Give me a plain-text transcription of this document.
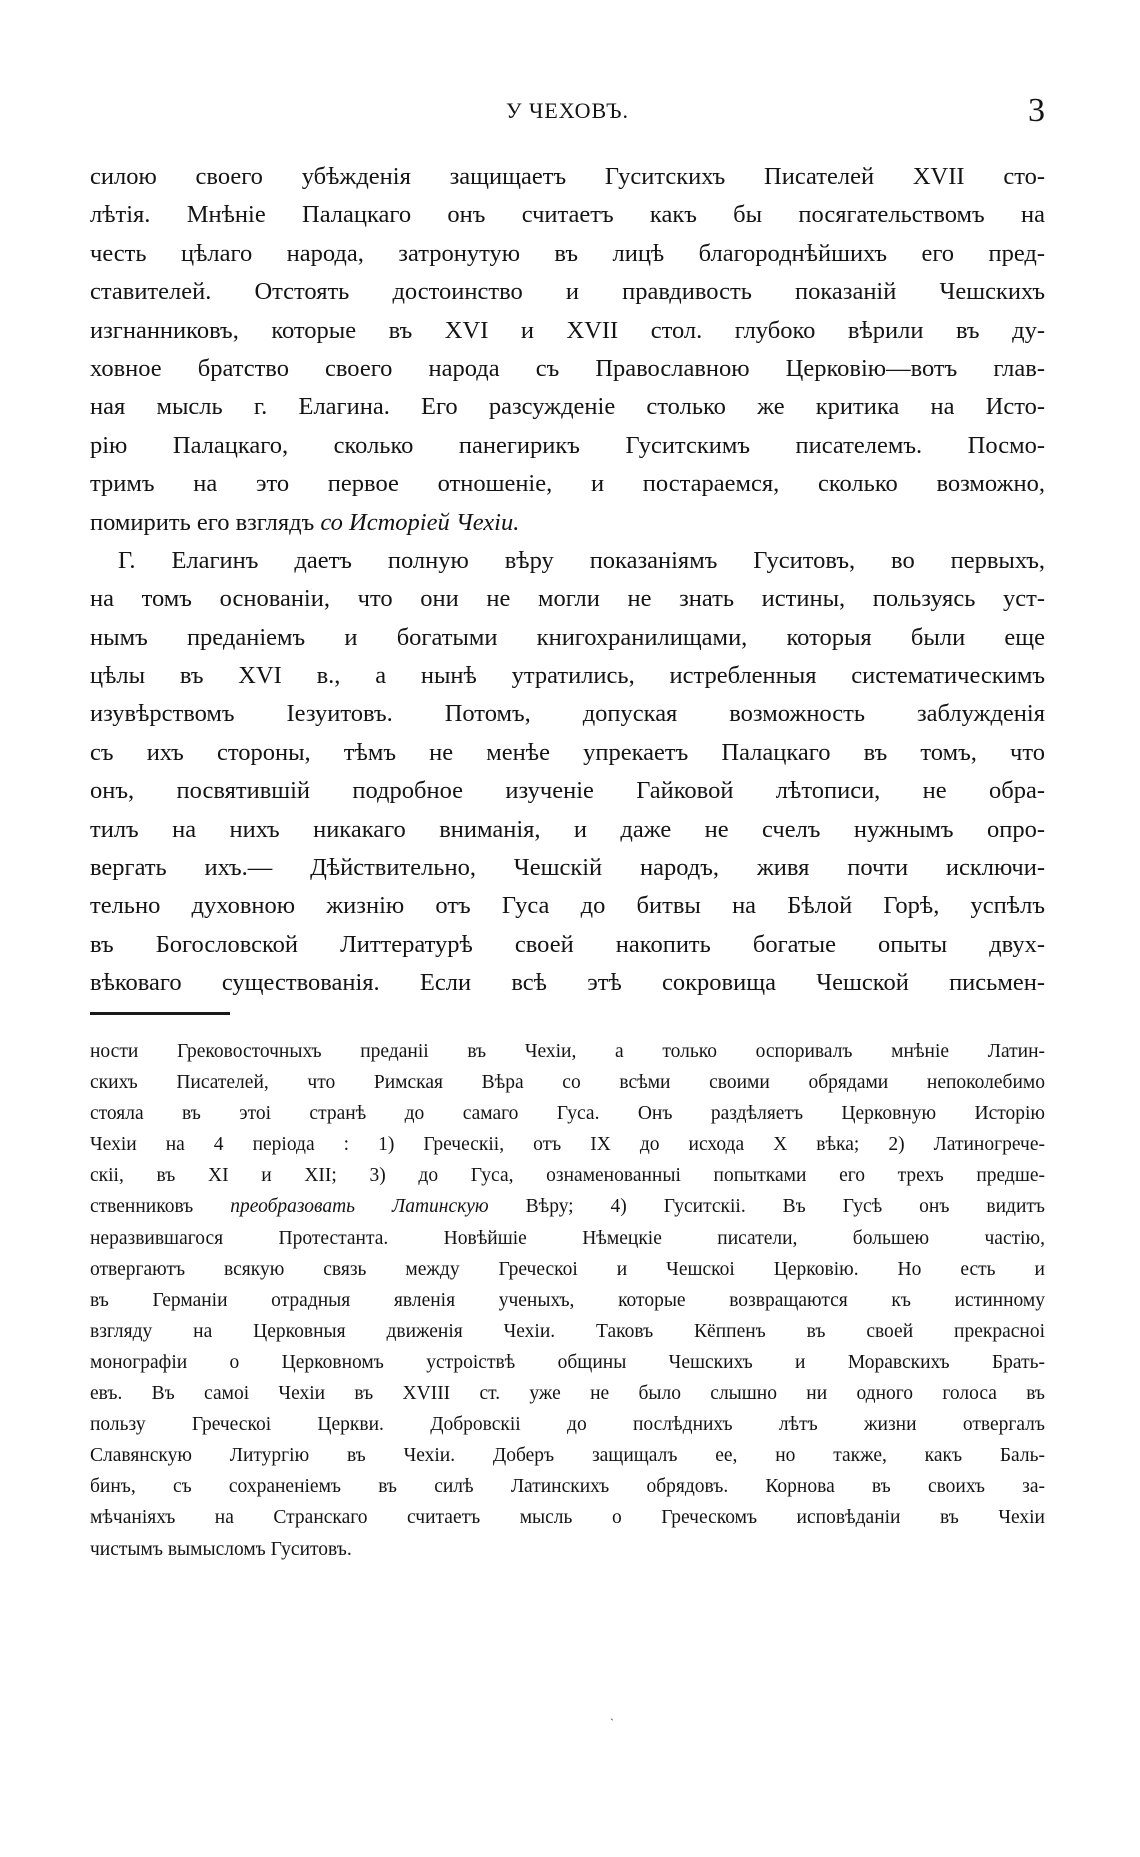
У ЧЕХОВЪ.	3
силою своего убѣжденія защищаетъ Гуситскихъ Писателей XVII сто-
лѣтія. Мнѣніе Палацкаго онъ считаетъ какъ бы посягательствомъ на
честь цѣлаго народа, затронутую въ лицѣ благороднѣйшихъ его пред-
ставителей. Отстоять достоинство и правдивость показаній Чешскихъ
изгнанниковъ, которые въ XVI и XVII стол. глубоко вѣрили въ ду-
ховное братство своего народа съ Православною Церковію—вотъ глав-
ная мысль г. Елагина. Его разсужденіе столько же критика на Исто-
рію Палацкаго, сколько панегирикъ Гуситскимъ писателемъ. Посмо-
тримъ на это первое отношеніе, и постараемся, сколько возможно,
помирить его взглядъ со Исторіей Чехіи.
Г. Елагинъ даетъ полную вѣру показаніямъ Гуситовъ, во первыхъ,
на томъ основаніи, что они не могли не знать истины, пользуясь уст-
нымъ преданіемъ и богатыми книгохранилищами, которыя были еще
цѣлы въ XVI в., а нынѣ утратились, истребленныя систематическимъ
изувѣрствомъ Іезуитовъ. Потомъ, допуская возможность заблужденія
съ ихъ стороны, тѣмъ не менѣе упрекаетъ Палацкаго въ томъ, что
онъ, посвятившій подробное изученіе Гайковой лѣтописи, не обра-
тилъ на нихъ никакаго вниманія, и даже не счелъ нужнымъ опро-
вергать ихъ.— Дѣйствительно, Чешскій народъ, живя почти исключи-
тельно духовною жизнію отъ Гуса до битвы на Бѣлой Горѣ, успѣлъ
въ Богословской Литтературѣ своей накопить богатые опыты двух-
вѣковаго существованія. Если всѣ этѣ сокровища Чешской письмен-
ности Грековосточныхъ преданіі въ Чехіи, а только оспоривалъ мнѣніе Латин-
скихъ Писателей, что Римская Вѣра со всѣми своими обрядами непоколебимо
стояла въ этоі странѣ до самаго Гуса. Онъ раздѣляетъ Церковную Исторію
Чехіи на 4 періода : 1) Греческіі, отъ IX до исхода X вѣка; 2) Латиногрече-
скіі, въ XI и XII; 3) до Гуса, ознаменованныі попытками его трехъ предше-
ственниковъ преобразовать Латинскую Вѣру; 4) Гуситскіі. Въ Гусѣ онъ видитъ
неразвившагося Протестанта. Новѣйшіе Нѣмецкіе писатели, большею частію,
отвергаютъ всякую связь между Греческоі и Чешскоі Церковію. Но есть и
въ Германіи отрадныя явленія ученыхъ, которые возвращаются къ истинному
взгляду на Церковныя движенія Чехіи. Таковъ Кёппенъ въ своей прекрасноі
монографіи о Церковномъ устроіствѣ общины Чешскихъ и Моравскихъ Брать-
евъ. Въ самоі Чехіи въ XVIII ст. уже не было слышно ни одного голоса въ
пользу Греческоі Церкви. Добровскіі до послѣднихъ лѣтъ жизни отвергалъ
Славянскую Литургію въ Чехіи. Доберъ защищалъ ее, но также, какъ Баль-
бинъ, съ сохраненіемъ въ силѣ Латинскихъ обрядовъ. Корнова въ своихъ за-
мѣчаніяхъ на Странскаго считаетъ мысль о Греческомъ исповѣданіи въ Чехіи
чистымъ вымысломъ Гуситовъ.
ˎ
